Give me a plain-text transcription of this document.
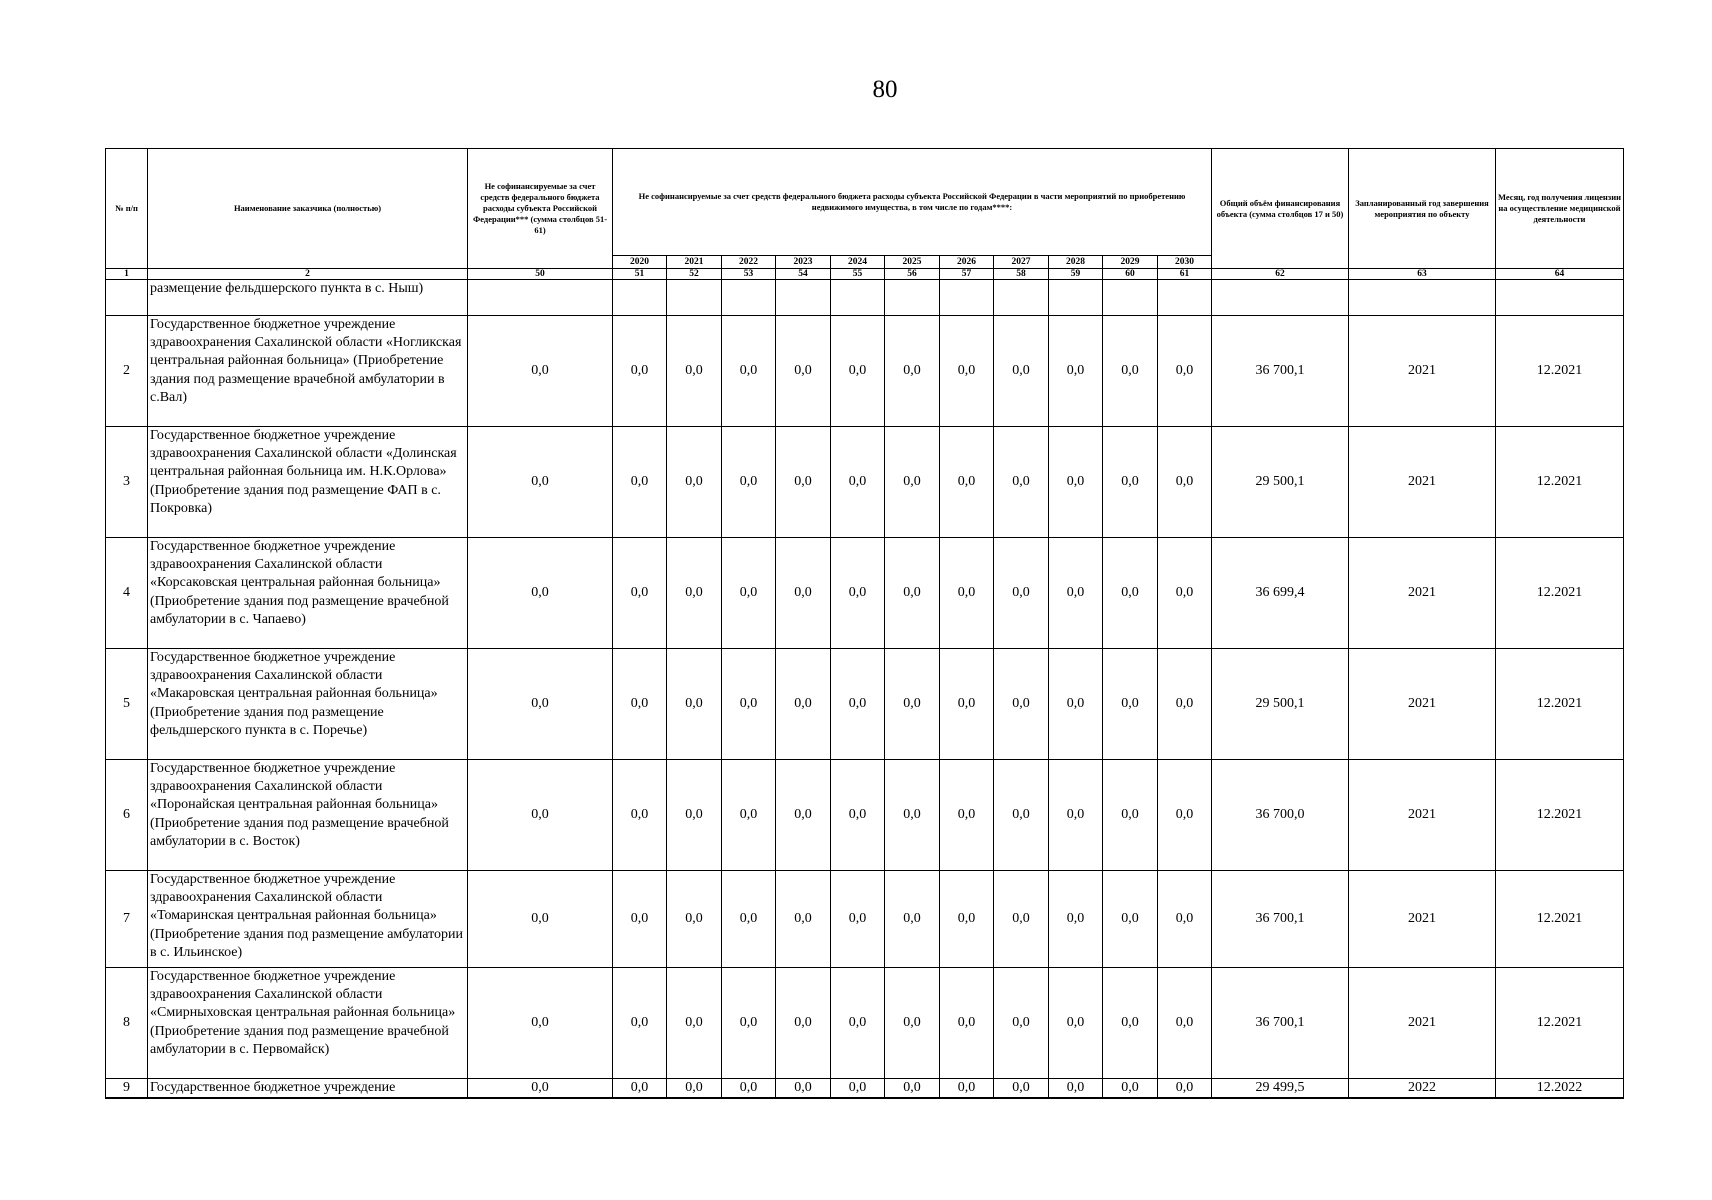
80
№ п/п	Наименование заказчика (полностью)	Не софинансируемые за счет средств федерального бюджета расходы субъекта Российской Федерации*** (сумма столбцов 51-61)	Не софинансируемые за счет средств федерального бюджета расходы субъекта Российской Федерации в части мероприятий по приобретению недвижимого имущества, в том числе по годам****:											Общий объём финансирования объекта (сумма столбцов 17 и 50)	Запланированный год завершения мероприятия по объекту	Месяц, год получения лицензии на осуществление медицинской деятельности
			2020	2021	2022	2023	2024	2025	2026	2027	2028	2029	2030			
1	2	50	51	52	53	54	55	56	57	58	59	60	61	62	63	64
	размещение фельдшерского пункта в с. Ныш)															
2	Государственное бюджетное учреждение здравоохранения Сахалинской области «Ногликская центральная районная больница» (Приобретение здания под размещение врачебной амбулатории в с.Вал)	0,0	0,0	0,0	0,0	0,0	0,0	0,0	0,0	0,0	0,0	0,0	0,0	36 700,1	2021	12.2021
3	Государственное бюджетное учреждение здравоохранения Сахалинской области «Долинская центральная районная больница им. Н.К.Орлова» (Приобретение здания под размещение ФАП в с. Покровка)	0,0	0,0	0,0	0,0	0,0	0,0	0,0	0,0	0,0	0,0	0,0	0,0	29 500,1	2021	12.2021
4	Государственное бюджетное учреждение здравоохранения Сахалинской области «Корсаковская центральная районная больница» (Приобретение здания под размещение врачебной амбулатории в с. Чапаево)	0,0	0,0	0,0	0,0	0,0	0,0	0,0	0,0	0,0	0,0	0,0	0,0	36 699,4	2021	12.2021
5	Государственное бюджетное учреждение здравоохранения Сахалинской области «Макаровская центральная районная больница» (Приобретение здания под размещение фельдшерского пункта в с. Поречье)	0,0	0,0	0,0	0,0	0,0	0,0	0,0	0,0	0,0	0,0	0,0	0,0	29 500,1	2021	12.2021
6	Государственное бюджетное учреждение здравоохранения Сахалинской области «Поронайская центральная районная больница» (Приобретение здания под размещение врачебной амбулатории в с. Восток)	0,0	0,0	0,0	0,0	0,0	0,0	0,0	0,0	0,0	0,0	0,0	0,0	36 700,0	2021	12.2021
7	Государственное бюджетное учреждение здравоохранения Сахалинской области «Томаринская центральная районная больница» (Приобретение здания под размещение амбулатории в с. Ильинское)	0,0	0,0	0,0	0,0	0,0	0,0	0,0	0,0	0,0	0,0	0,0	0,0	36 700,1	2021	12.2021
8	Государственное бюджетное учреждение здравоохранения Сахалинской области «Смирныховская центральная районная больница» (Приобретение здания под размещение врачебной амбулатории в с. Первомайск)	0,0	0,0	0,0	0,0	0,0	0,0	0,0	0,0	0,0	0,0	0,0	0,0	36 700,1	2021	12.2021
9	Государственное бюджетное учреждение	0,0	0,0	0,0	0,0	0,0	0,0	0,0	0,0	0,0	0,0	0,0	0,0	29 499,5	2022	12.2022
